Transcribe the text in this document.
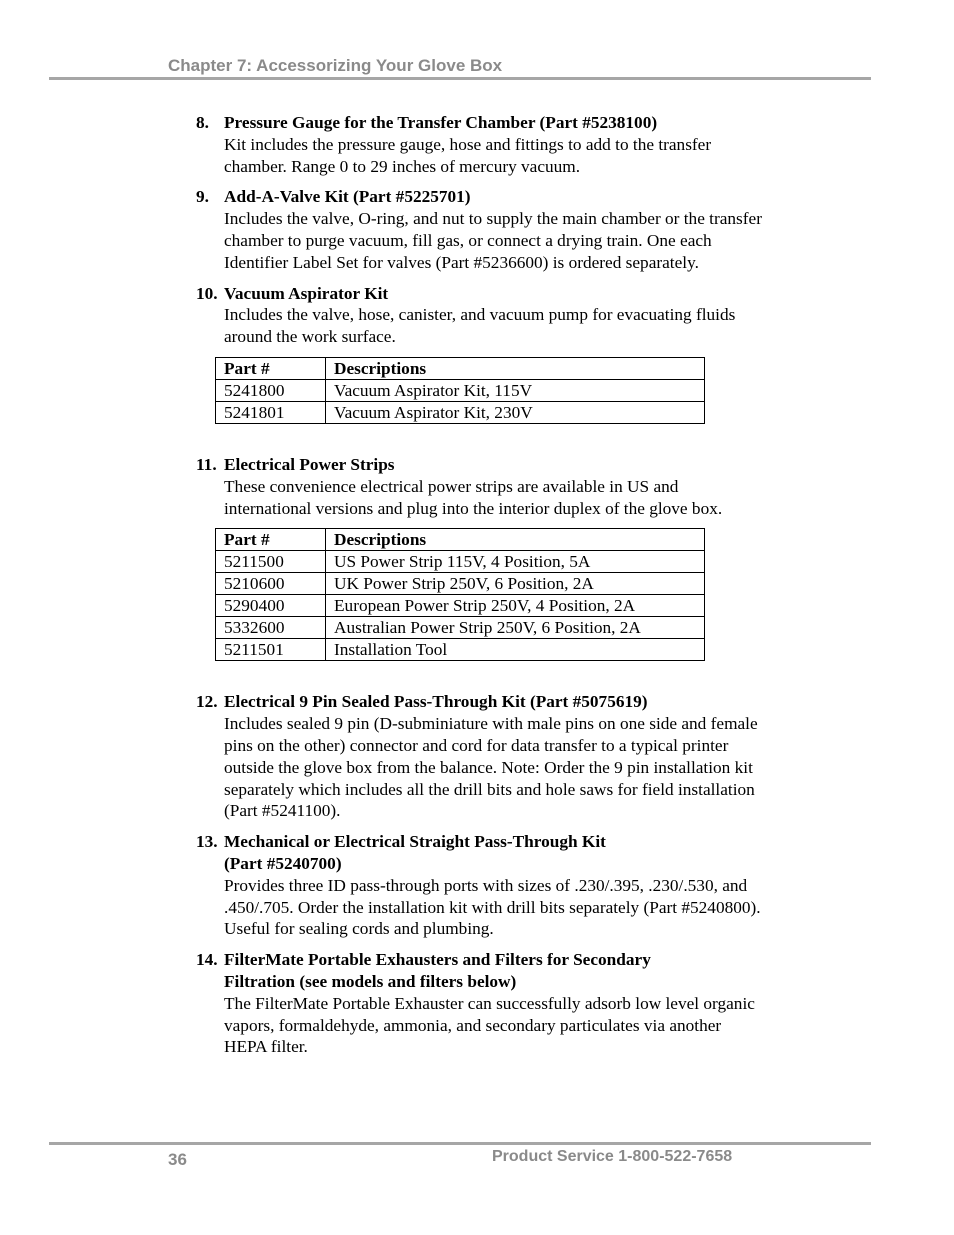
Chapter 7: Accessorizing Your Glove Box
8. Pressure Gauge for the Transfer Chamber (Part #5238100)
Kit includes the pressure gauge, hose and fittings to add to the transfer chamber. Range 0 to 29 inches of mercury vacuum.
9. Add-A-Valve Kit (Part #5225701)
Includes the valve, O-ring, and nut to supply the main chamber or the transfer chamber to purge vacuum, fill gas, or connect a drying train. One each Identifier Label Set for valves (Part #5236600) is ordered separately.
10. Vacuum Aspirator Kit
Includes the valve, hose, canister, and vacuum pump for evacuating fluids around the work surface.
Part #	Descriptions
5241800	Vacuum Aspirator Kit, 115V
5241801	Vacuum Aspirator Kit, 230V
11. Electrical Power Strips
These convenience electrical power strips are available in US and international versions and plug into the interior duplex of the glove box.
Part #	Descriptions
5211500	US Power Strip 115V, 4 Position, 5A
5210600	UK Power Strip 250V, 6 Position, 2A
5290400	European Power Strip 250V, 4 Position, 2A
5332600	Australian Power Strip 250V, 6 Position, 2A
5211501	Installation Tool
12. Electrical 9 Pin Sealed Pass-Through Kit (Part #5075619)
Includes sealed 9 pin (D-subminiature with male pins on one side and female pins on the other) connector and cord for data transfer to a typical printer outside the glove box from the balance. Note: Order the 9 pin installation kit separately which includes all the drill bits and hole saws for field installation (Part #5241100).
13. Mechanical or Electrical Straight Pass-Through Kit
(Part #5240700)
Provides three ID pass-through ports with sizes of .230/.395, .230/.530, and .450/.705. Order the installation kit with drill bits separately (Part #5240800). Useful for sealing cords and plumbing.
14. FilterMate Portable Exhausters and Filters for Secondary
Filtration (see models and filters below)
The FilterMate Portable Exhauster can successfully adsorb low level organic vapors, formaldehyde, ammonia, and secondary particulates via another HEPA filter.
36	Product Service 1-800-522-7658
